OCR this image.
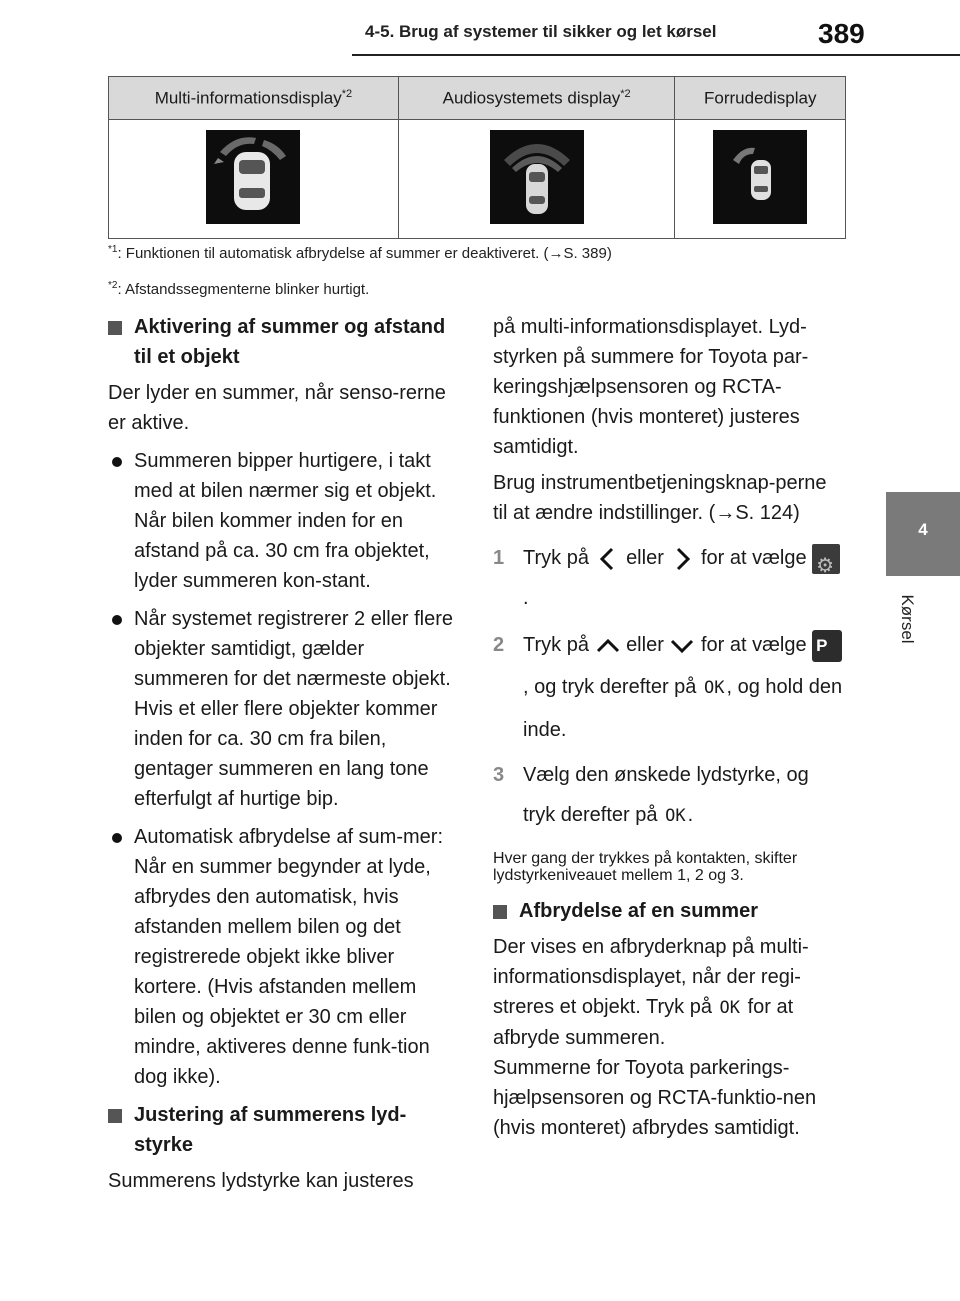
4-5. Brug af systemer til sikker og let kørsel	389
4
Kørsel
Multi-informationsdisplay$^{*2}$	Audiosystemets display$^{*2}$	Forrudedisplay

$^{*1}$: Funktionen til automatisk afbrydelse af summer er deaktiveret. (→S. 389)
$^{*2}$: Afstandssegmenterne blinker hurtigt.

Aktivering af summer og afstand til et objekt

Der lyder en summer, når senso-rerne er aktive.

Summeren bipper hurtigere, i takt med at bilen nærmer sig et objekt. Når bilen kommer inden for en afstand på ca. 30 cm fra objektet, lyder summeren kon-stant.

Når systemet registrerer 2 eller flere objekter samtidigt, gælder summeren for det nærmeste objekt. Hvis et eller flere objekter kommer inden for ca. 30 cm fra bilen, gentager summeren en lang tone efterfulgt af hurtige bip.

Automatisk afbrydelse af sum-mer: Når en summer begynder at lyde, afbrydes den automatisk, hvis afstanden mellem bilen og det registrerede objekt ikke bliver kortere. (Hvis afstanden mellem bilen og objektet er 30 cm eller mindre, aktiveres denne funk-tion dog ikke).

Justering af summerens lyd-styrke

Summerens lydstyrke kan justeres

på multi-informationsdisplayet. Lyd-styrken på summere for Toyota par-keringshjælpsensoren og RCTA-funktionen (hvis monteret) justeres samtidigt.

Brug instrumentbetjeningsknap-perne til at ændre indstillinger. (→S. 124)

1 Tryk på eller for at vælge ⚙.
2 Tryk på eller for at vælge P, og tryk derefter på OK , og hold den inde.
3 Vælg den ønskede lydstyrke, og tryk derefter på OK .

Hver gang der trykkes på kontakten, skifter lydstyrkeniveauet mellem 1, 2 og 3.

Afbrydelse af en summer

Der vises en afbryderknap på multi-informationsdisplayet, når der regi-streres et objekt. Tryk på OK for at afbryde summeren.

Summerne for Toyota parkerings-hjælpsensoren og RCTA-funktio-nen (hvis monteret) afbrydes samtidigt.
